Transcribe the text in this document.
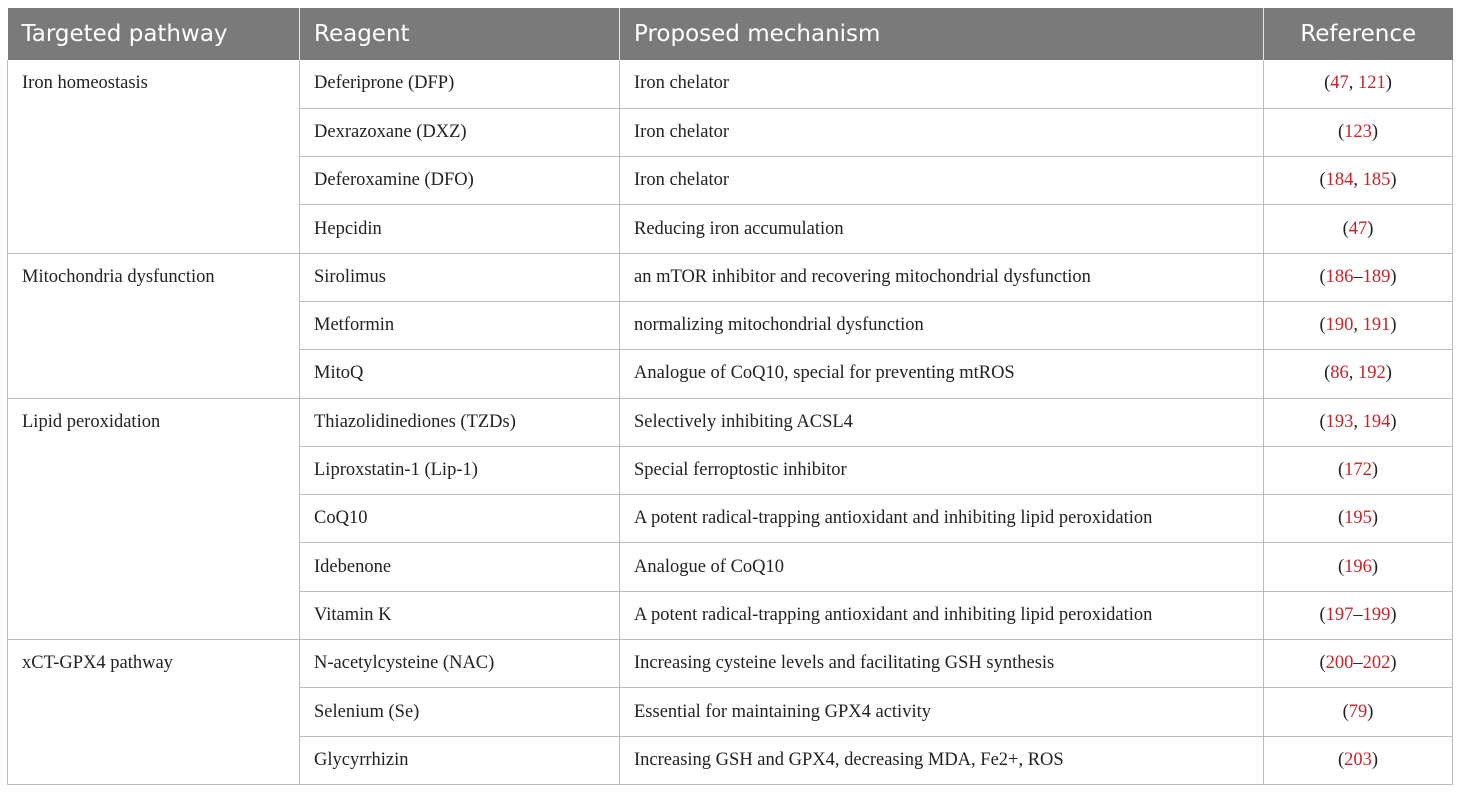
Targeted pathway	Reagent	Proposed mechanism	Reference
Iron homeostasis	Deferiprone (DFP)	Iron chelator	(47, 121)
	Dexrazoxane (DXZ)	Iron chelator	(123)
	Deferoxamine (DFO)	Iron chelator	(184, 185)
	Hepcidin	Reducing iron accumulation	(47)
Mitochondria dysfunction	Sirolimus	an mTOR inhibitor and recovering mitochondrial dysfunction	(186–189)
	Metformin	normalizing mitochondrial dysfunction	(190, 191)
	MitoQ	Analogue of CoQ10, special for preventing mtROS	(86, 192)
Lipid peroxidation	Thiazolidinediones (TZDs)	Selectively inhibiting ACSL4	(193, 194)
	Liproxstatin-1 (Lip-1)	Special ferroptostic inhibitor	(172)
	CoQ10	A potent radical-trapping antioxidant and inhibiting lipid peroxidation	(195)
	Idebenone	Analogue of CoQ10	(196)
	Vitamin K	A potent radical-trapping antioxidant and inhibiting lipid peroxidation	(197–199)
xCT-GPX4 pathway	N-acetylcysteine (NAC)	Increasing cysteine levels and facilitating GSH synthesis	(200–202)
	Selenium (Se)	Essential for maintaining GPX4 activity	(79)
	Glycyrrhizin	Increasing GSH and GPX4, decreasing MDA, Fe2+, ROS	(203)
